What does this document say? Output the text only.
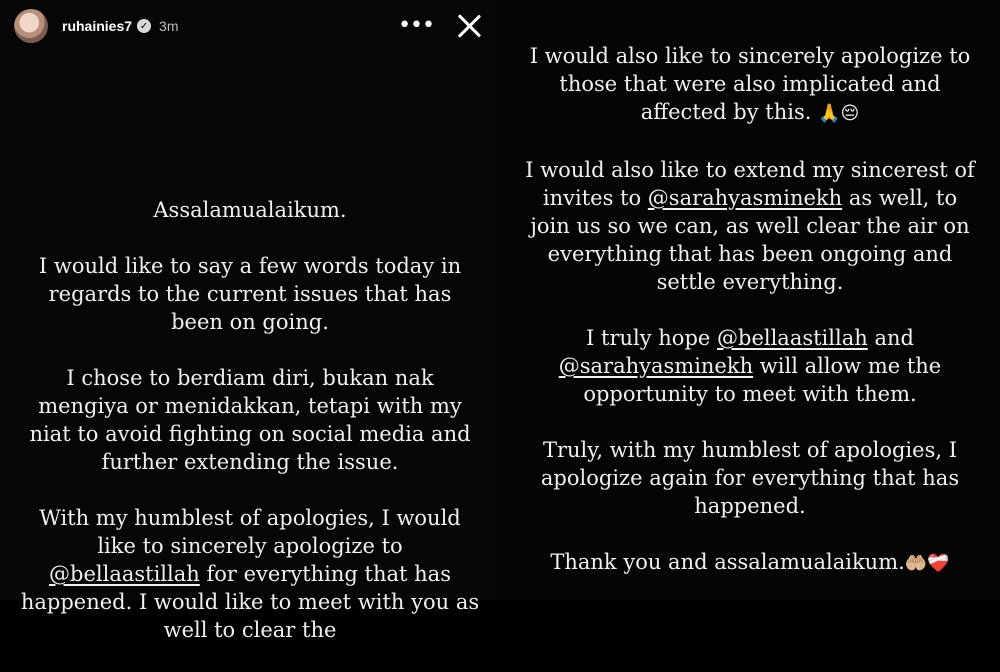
ruhainies7 ✓ 3m	•••

Assalamualaikum.

I would like to say a few words today in regards to the current issues that has been on going.

I chose to berdiam diri, bukan nak mengiya or menidakkan, tetapi with my niat to avoid fighting on social media and further extending the issue.

With my humblest of apologies, I would like to sincerely apologize to @bellaastillah for everything that has happened. I would like to meet with you as well to clear the

I would also like to sincerely apologize to those that were also implicated and affected by this. 🙏😔

I would also like to extend my sincerest of invites to @sarahyasminekh as well, to join us so we can, as well clear the air on everything that has been ongoing and settle everything.

I truly hope @bellaastillah and @sarahyasminekh will allow me the opportunity to meet with them.

Truly, with my humblest of apologies, I apologize again for everything that has happened.

Thank you and assalamualaikum.🤲🏼❤️‍🩹
